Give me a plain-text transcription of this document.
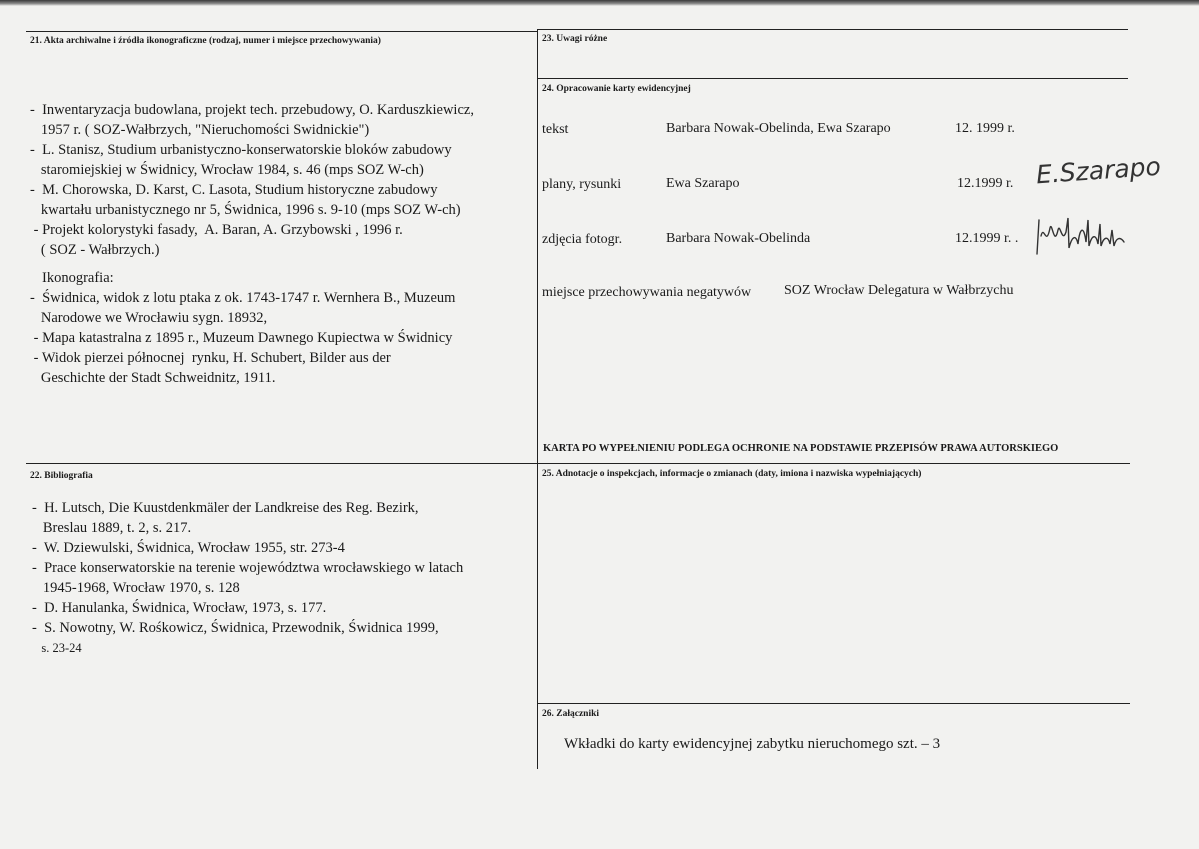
21. Akta archiwalne i źródła ikonograficzne (rodzaj, numer i miejsce przechowywania)
-  Inwentaryzacja budowlana, projekt tech. przebudowy, O. Karduszkiewicz,
1957 r. ( SOZ-Wałbrzych, "Nieruchomości Swidnickie")
-  L. Stanisz, Studium urbanistyczno-konserwatorskie bloków zabudowy
staromiejskiej w Świdnicy, Wrocław 1984, s. 46 (mps SOZ W-ch)
-  M. Chorowska, D. Karst, C. Lasota, Studium historyczne zabudowy
kwartału urbanistycznego nr 5, Świdnica, 1996 s. 9-10 (mps SOZ W-ch)
- Projekt kolorystyki fasady,  A. Baran, A. Grzybowski , 1996 r.
( SOZ - Wałbrzych.)
Ikonografia:
-  Świdnica, widok z lotu ptaka z ok. 1743-1747 r. Wernhera B., Muzeum
Narodowe we Wrocławiu sygn. 18932,
- Mapa katastralna z 1895 r., Muzeum Dawnego Kupiectwa w Świdnicy
- Widok pierzei północnej  rynku, H. Schubert, Bilder aus der
Geschichte der Stadt Schweidnitz, 1911.
22. Bibliografia
-  H. Lutsch, Die Kuustdenkmäler der Landkreise des Reg. Bezirk,
Breslau 1889, t. 2, s. 217.
-  W. Dziewulski, Świdnica, Wrocław 1955, str. 273-4
-  Prace konserwatorskie na terenie województwa wrocławskiego w latach
1945-1968, Wrocław 1970, s. 128
-  D. Hanulanka, Świdnica, Wrocław, 1973, s. 177.
-  S. Nowotny, W. Rośkowicz, Świdnica, Przewodnik, Świdnica 1999,
s. 23-24
23. Uwagi różne
24. Opracowanie karty ewidencyjnej
tekst	Barbara Nowak-Obelinda, Ewa Szarapo	12. 1999 r.
plany, rysunki	Ewa Szarapo	12.1999 r. E.Szarapo
zdjęcia fotogr.	Barbara Nowak-Obelinda	12.1999 r. .
miejsce przechowywania negatywów SOZ Wrocław Delegatura w Wałbrzychu
KARTA PO WYPEŁNIENIU PODLEGA OCHRONIE NA PODSTAWIE PRZEPISÓW PRAWA AUTORSKIEGO
25. Adnotacje o inspekcjach, informacje o zmianach (daty, imiona i nazwiska wypełniających)
26. Załączniki
Wkładki do karty ewidencyjnej zabytku nieruchomego szt. – 3
